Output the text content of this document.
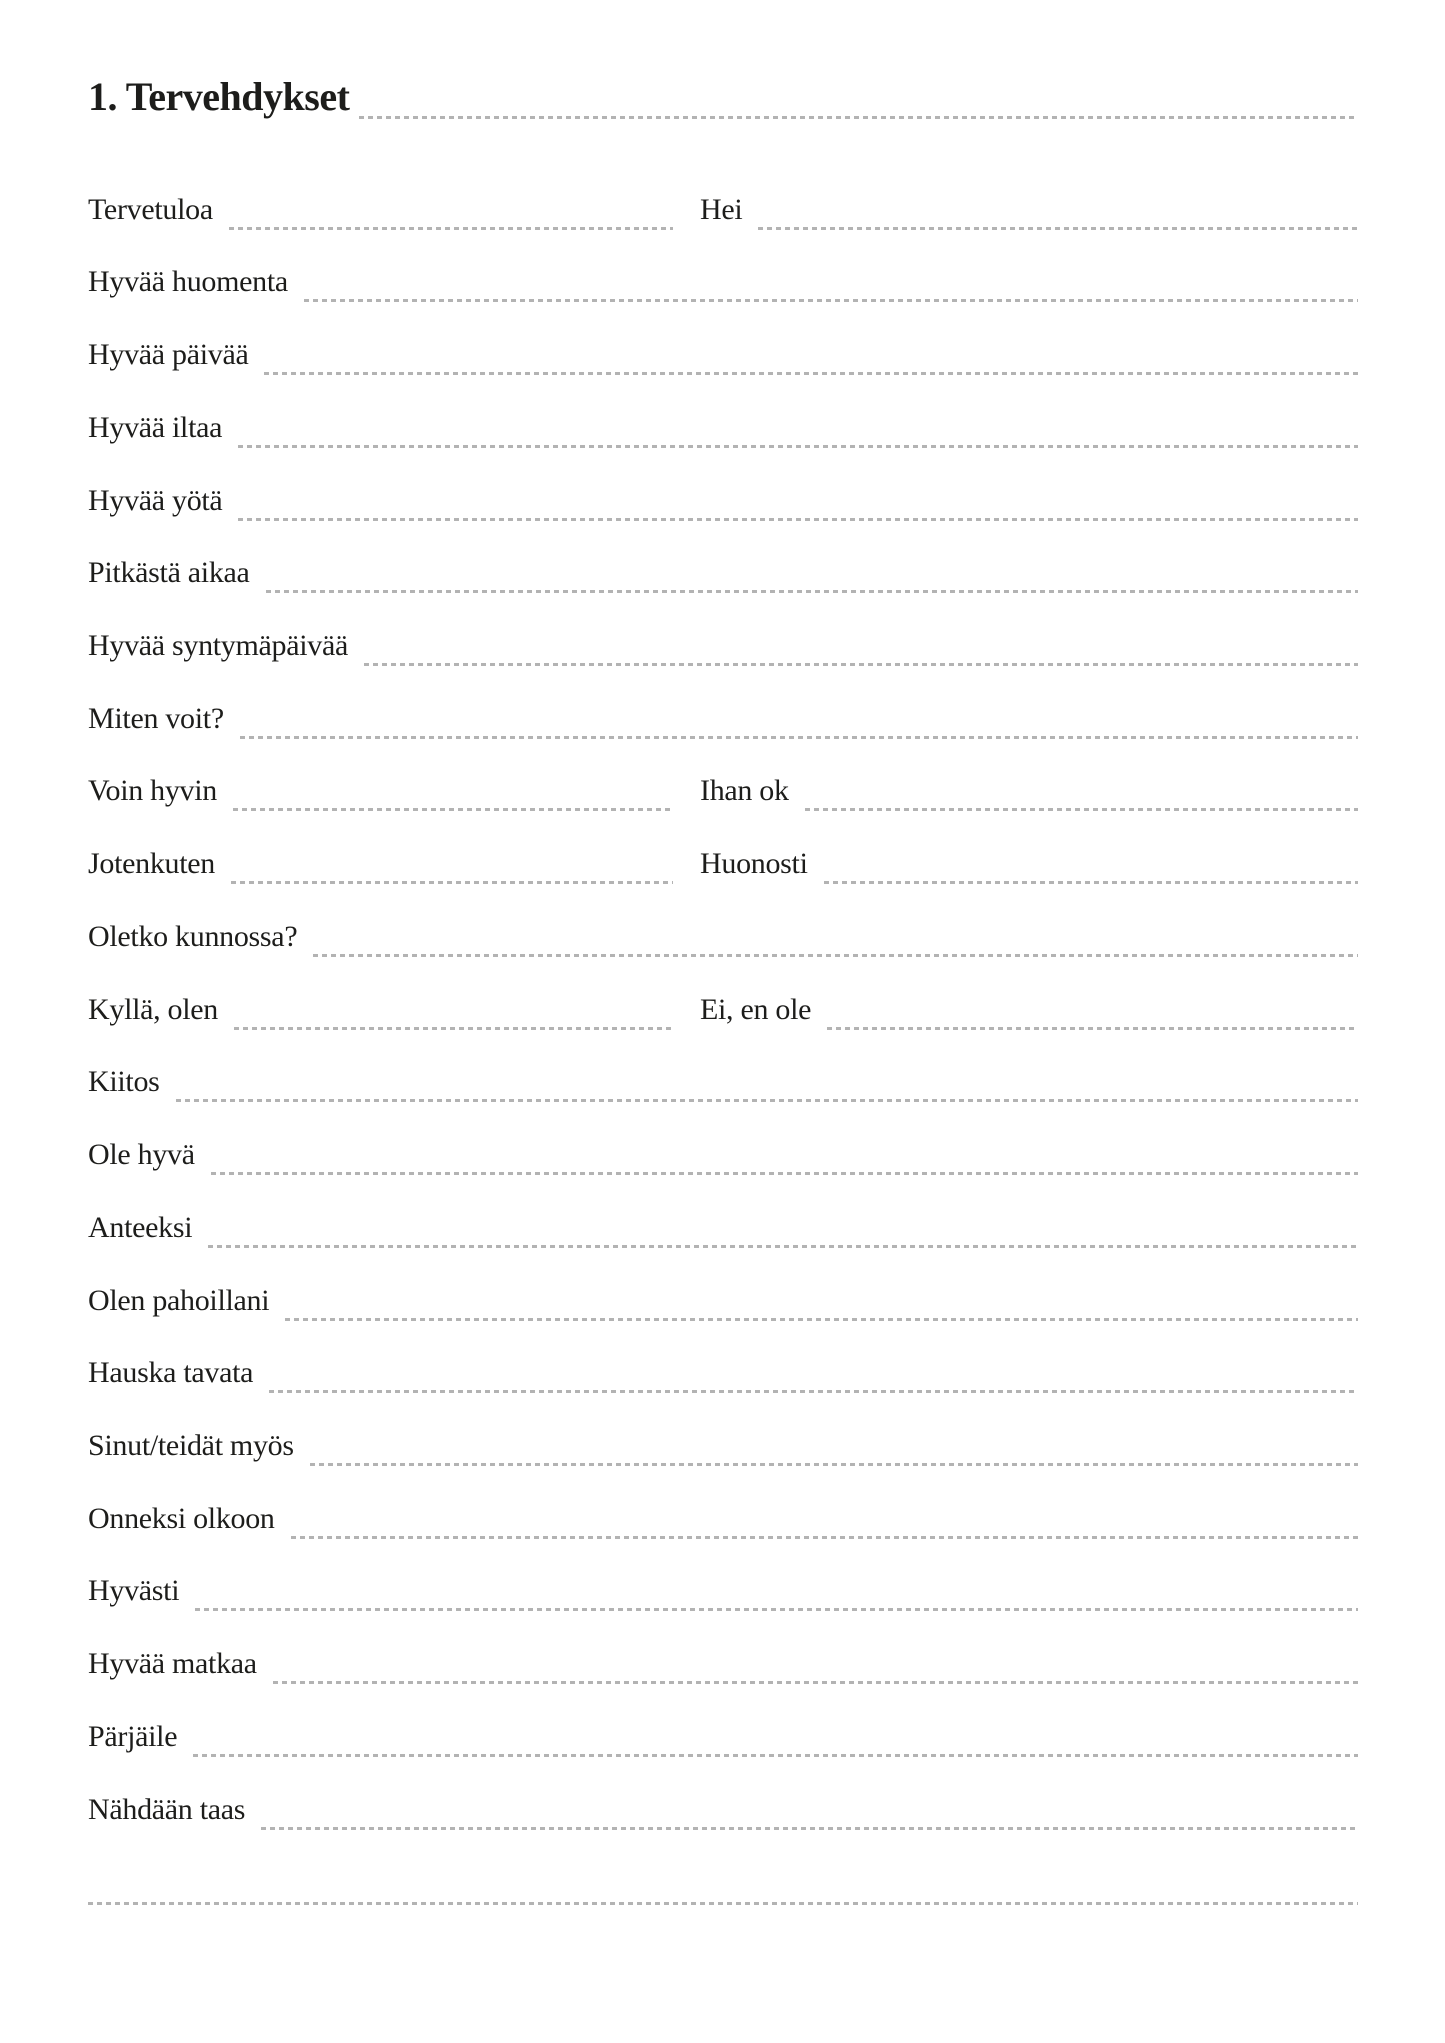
1. Tervehdykset
Tervetuloa	Hei
Hyvää huomenta
Hyvää päivää
Hyvää iltaa
Hyvää yötä
Pitkästä aikaa
Hyvää syntymäpäivää
Miten voit?
Voin hyvin	Ihan ok
Jotenkuten	Huonosti
Oletko kunnossa?
Kyllä, olen	Ei, en ole
Kiitos
Ole hyvä
Anteeksi
Olen pahoillani
Hauska tavata
Sinut/teidät myös
Onneksi olkoon
Hyvästi
Hyvää matkaa
Pärjäile
Nähdään taas
